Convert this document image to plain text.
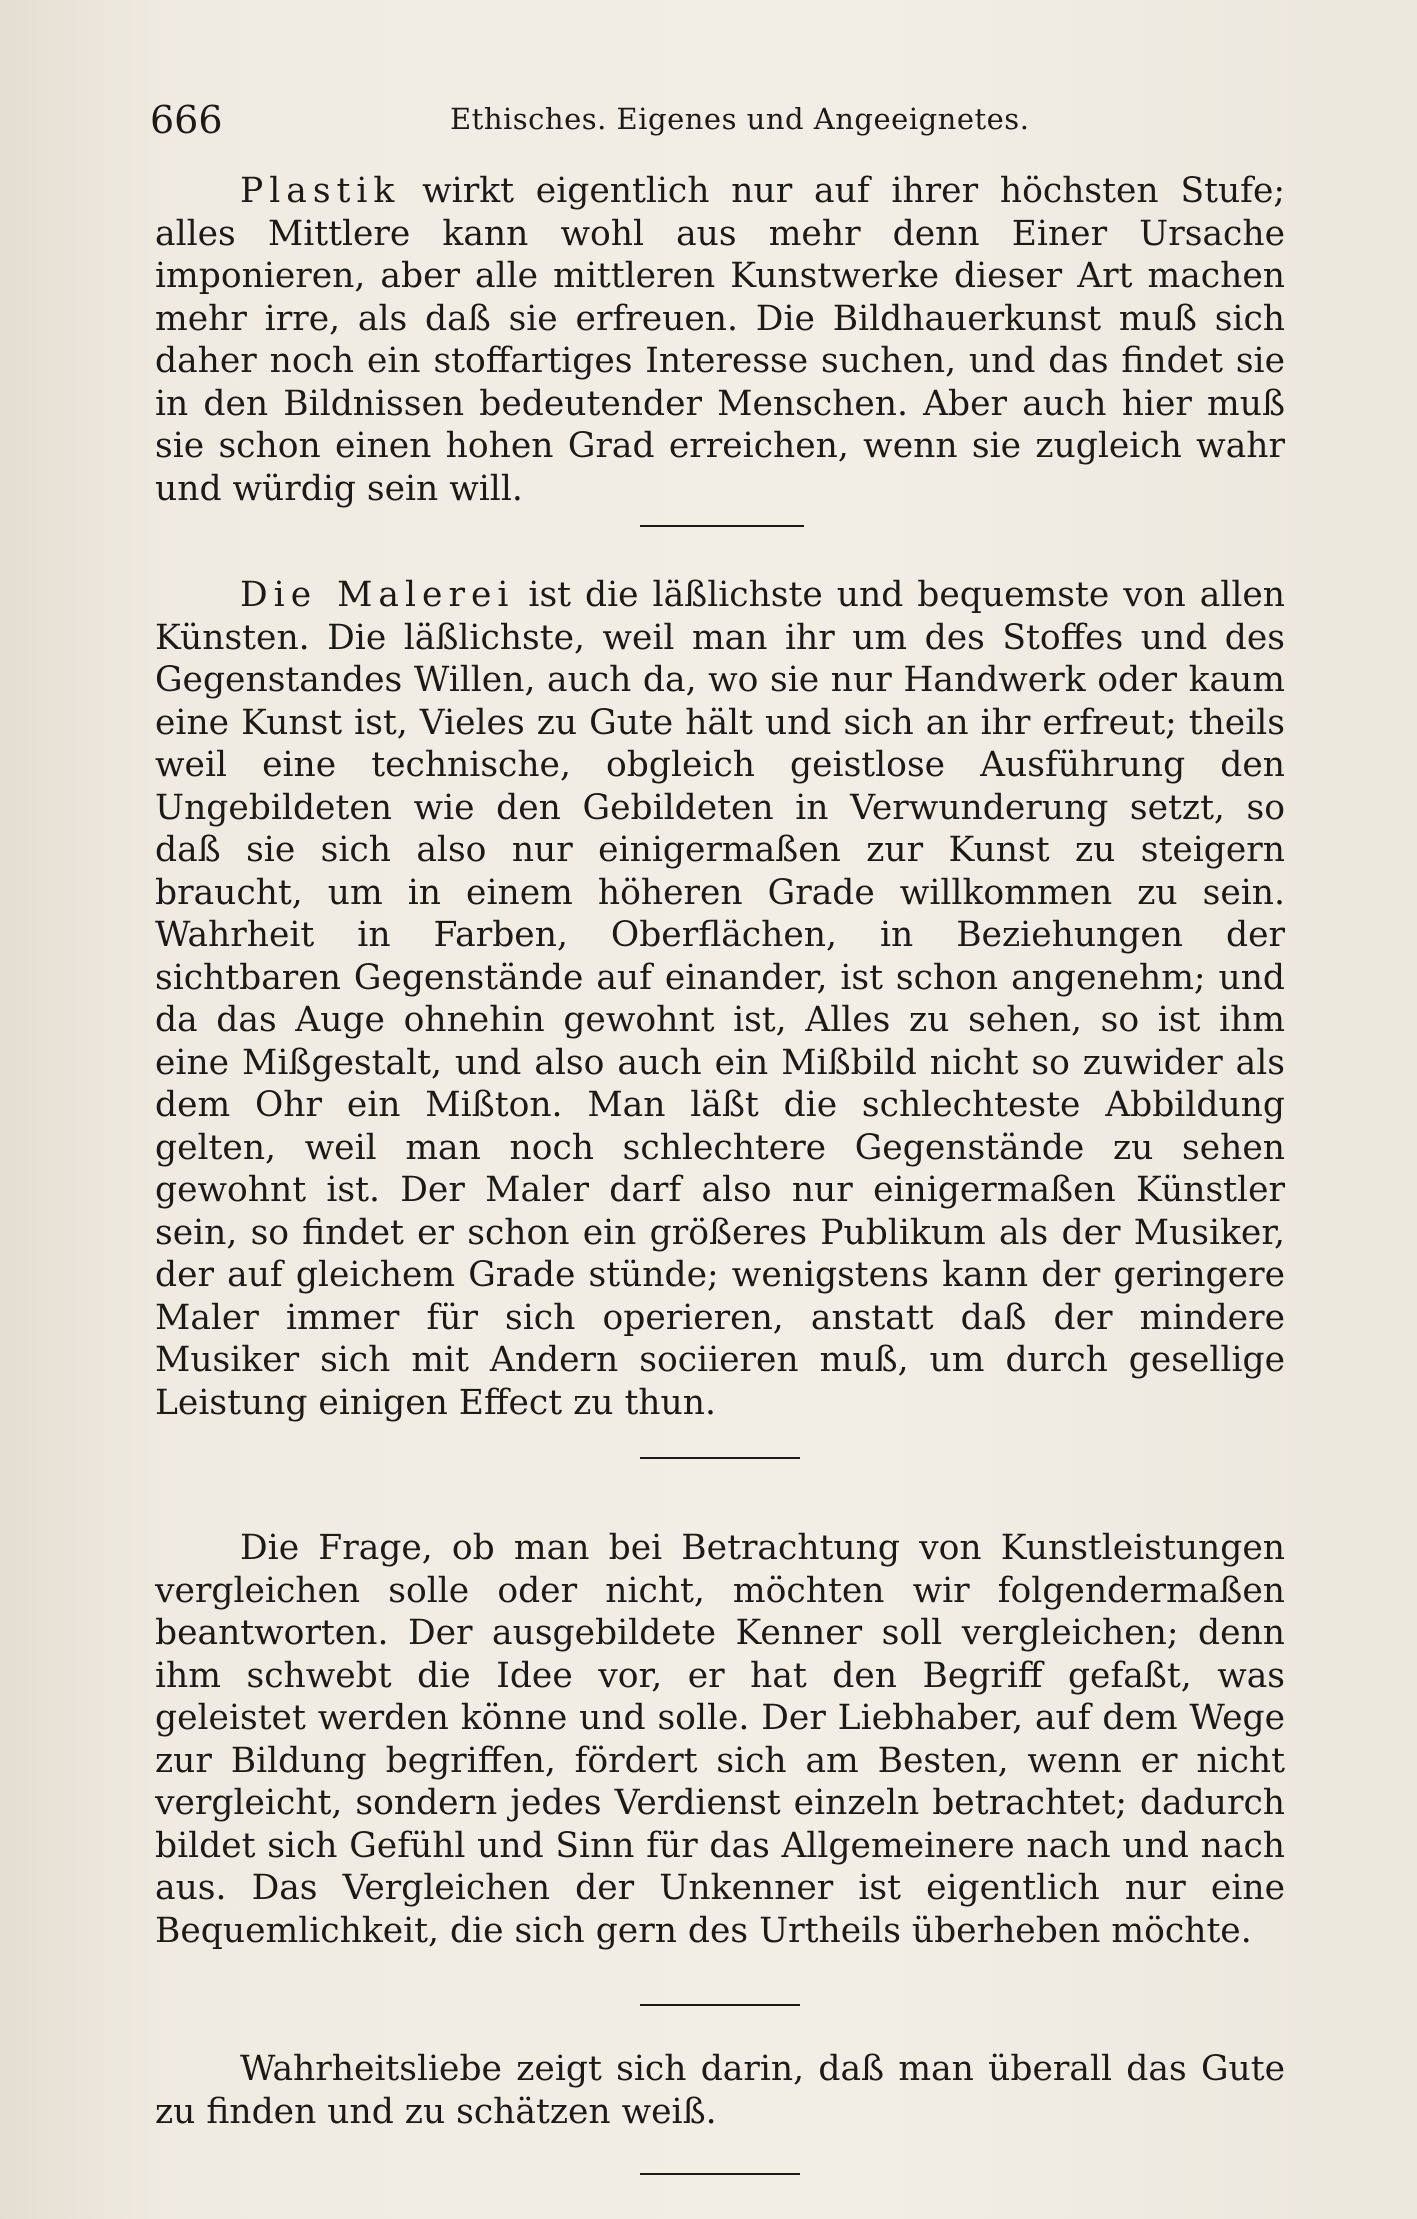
666	Ethisches. Eigenes und Angeeignetes.

Plastik wirkt eigentlich nur auf ihrer höchsten Stufe; alles Mittlere kann wohl aus mehr denn Einer Ursache imponieren, aber alle mittleren Kunstwerke dieser Art machen mehr irre, als daß sie erfreuen. Die Bildhauerkunst muß sich daher noch ein stoffartiges Interesse suchen, und das findet sie in den Bildnissen bedeutender Menschen. Aber auch hier muß sie schon einen hohen Grad erreichen, wenn sie zugleich wahr und würdig sein will.

Die Malerei ist die läßlichste und bequemste von allen Künsten. Die läßlichste, weil man ihr um des Stoffes und des Gegenstandes Willen, auch da, wo sie nur Handwerk oder kaum eine Kunst ist, Vieles zu Gute hält und sich an ihr erfreut; theils weil eine technische, obgleich geistlose Ausführung den Ungebildeten wie den Gebildeten in Verwunderung setzt, so daß sie sich also nur einigermaßen zur Kunst zu steigern braucht, um in einem höheren Grade willkommen zu sein. Wahrheit in Farben, Oberflächen, in Beziehungen der sichtbaren Gegenstände auf einander, ist schon angenehm; und da das Auge ohnehin gewohnt ist, Alles zu sehen, so ist ihm eine Mißgestalt, und also auch ein Mißbild nicht so zuwider als dem Ohr ein Mißton. Man läßt die schlechteste Abbildung gelten, weil man noch schlechtere Gegenstände zu sehen gewohnt ist. Der Maler darf also nur einigermaßen Künstler sein, so findet er schon ein größeres Publikum als der Musiker, der auf gleichem Grade stünde; wenigstens kann der geringere Maler immer für sich operieren, anstatt daß der mindere Musiker sich mit Andern sociieren muß, um durch gesellige Leistung einigen Effect zu thun.

Die Frage, ob man bei Betrachtung von Kunstleistungen vergleichen solle oder nicht, möchten wir folgendermaßen beantworten. Der ausgebildete Kenner soll vergleichen; denn ihm schwebt die Idee vor, er hat den Begriff gefaßt, was geleistet werden könne und solle. Der Liebhaber, auf dem Wege zur Bildung begriffen, fördert sich am Besten, wenn er nicht vergleicht, sondern jedes Verdienst einzeln betrachtet; dadurch bildet sich Gefühl und Sinn für das Allgemeinere nach und nach aus. Das Vergleichen der Unkenner ist eigentlich nur eine Bequemlichkeit, die sich gern des Urtheils überheben möchte.

Wahrheitsliebe zeigt sich darin, daß man überall das Gute zu finden und zu schätzen weiß.
